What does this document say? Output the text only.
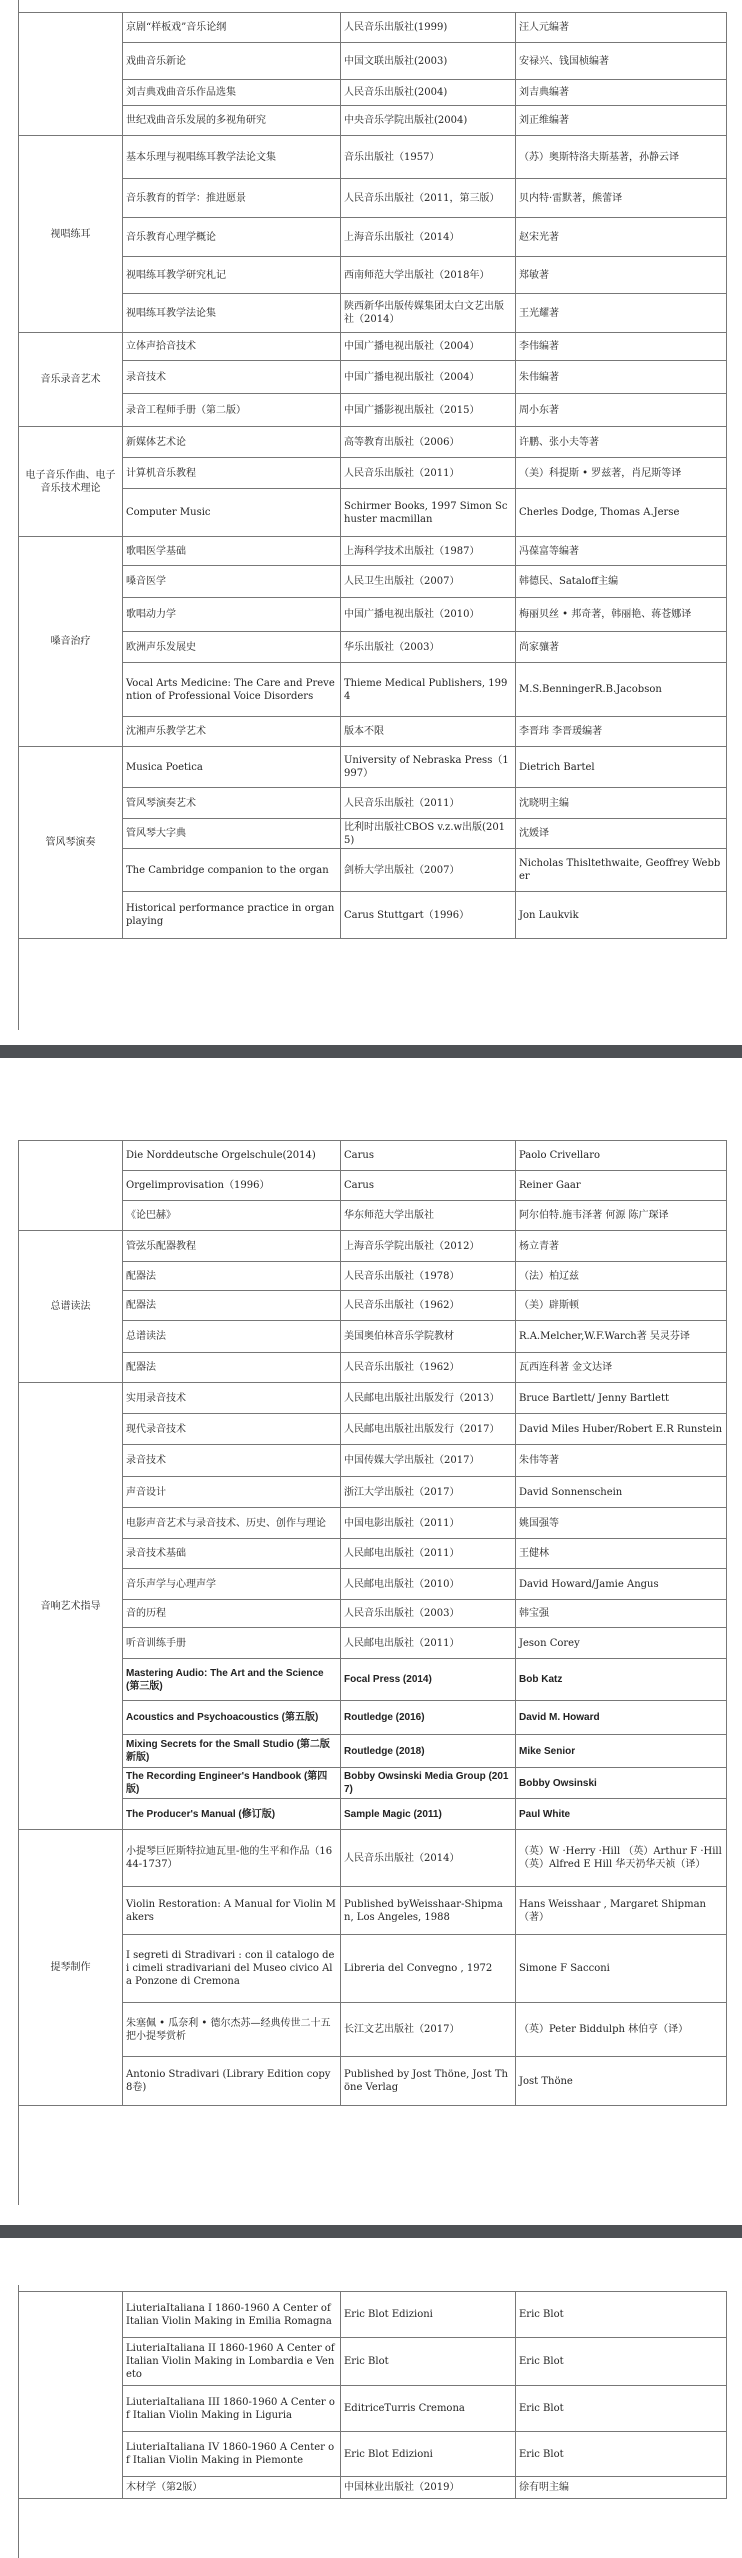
	京剧“样板戏”音乐论纲	人民音乐出版社(1999)	汪人元编著
	戏曲音乐新论	中国文联出版社(2003)	安禄兴、钱国桢编著
	刘吉典戏曲音乐作品选集	人民音乐出版社(2004)	刘吉典编著
	世纪戏曲音乐发展的多视角研究	中央音乐学院出版社(2004)	刘正维编著
视唱练耳	基本乐理与视唱练耳教学法论文集	音乐出版社（1957）	（苏）奥斯特洛夫斯基著，孙静云译
	音乐教育的哲学：推进愿景	人民音乐出版社（2011，第三版）	贝内特·雷默著，熊蕾译
	音乐教育心理学概论	上海音乐出版社（2014）	赵宋光著
	视唱练耳教学研究札记	西南师范大学出版社（2018年）	郑敏著
	视唱练耳教学法论集	陕西新华出版传媒集团太白文艺出版社（2014）	王光耀著
音乐录音艺术	立体声拾音技术	中国广播电视出版社（2004）	李伟编著
	录音技术	中国广播电视出版社（2004）	朱伟编著
	录音工程师手册（第二版）	中国广播影视出版社（2015）	周小东著
电子音乐作曲、电子音乐技术理论	新媒体艺术论	高等教育出版社（2006）	许鹏、张小夫等著
	计算机音乐教程	人民音乐出版社（2011）	（美）科提斯 • 罗兹著，肖尼斯等译
	Computer Music	Schirmer Books, 1997 Simon Schuster macmillan	Cherles Dodge, Thomas A.Jerse
嗓音治疗	歌唱医学基础	上海科学技术出版社（1987）	冯葆富等编著
	嗓音医学	人民卫生出版社（2007）	韩德民、Sataloff主编
	歌唱动力学	中国广播电视出版社（2010）	梅丽贝丝 • 邦奇著，韩丽艳、蒋苍娜译
	欧洲声乐发展史	华乐出版社（2003）	尚家骧著
	Vocal Arts Medicine: The Care and Prevention of Professional Voice Disorders	Thieme Medical Publishers, 1994	M.S.BenningerR.B.Jacobson
	沈湘声乐教学艺术	版本不限	李晋玮 李晋瑗编著
管风琴演奏	Musica Poetica	University of Nebraska Press（1997）	Dietrich Bartel
	管风琴演奏艺术	人民音乐出版社（2011）	沈晓明主编
	管风琴大字典	比利时出版社CBOS v.z.w出版(2015)	沈媛译
	The Cambridge companion to the organ	剑桥大学出版社（2007）	Nicholas Thisltethwaite, Geoffrey Webber
	Historical performance practice in organ playing	Carus Stuttgart（1996）	Jon Laukvik
	Die Norddeutsche Orgelschule(2014)	Carus	Paolo Crivellaro
	Orgelimprovisation（1996）	Carus	Reiner Gaar
	《论巴赫》	华东师范大学出版社	阿尔伯特.施韦泽著 何源 陈广琛译
总谱读法	管弦乐配器教程	上海音乐学院出版社（2012）	杨立青著
	配器法	人民音乐出版社（1978）	（法）柏辽兹
	配器法	人民音乐出版社（1962）	（美）辟斯顿
	总谱读法	美国奥伯林音乐学院教材	R.A.Melcher,W.F.Warch著 吴灵芬译
	配器法	人民音乐出版社（1962）	瓦西连科著 金文达译
音响艺术指导	实用录音技术	人民邮电出版社出版发行（2013）	Bruce Bartlett/ Jenny Bartlett
	现代录音技术	人民邮电出版社出版发行（2017）	David Miles Huber/Robert E.R Runstein
	录音技术	中国传媒大学出版社（2017）	朱伟等著
	声音设计	浙江大学出版社（2017）	David Sonnenschein
	电影声音艺术与录音技术、历史、创作与理论	中国电影出版社（2011）	姚国强等
	录音技术基础	人民邮电出版社（2011）	王健林
	音乐声学与心理声学	人民邮电出版社（2010）	David Howard/Jamie Angus
	音的历程	人民音乐出版社（2003）	韩宝强
	听音训练手册	人民邮电出版社（2011）	Jeson Corey
	Mastering Audio: The Art and the Science (第三版)	Focal Press (2014)	Bob Katz
	Acoustics and Psychoacoustics (第五版)	Routledge (2016)	David M. Howard
	Mixing Secrets for the Small Studio (第二版新版)	Routledge (2018)	Mike Senior
	The Recording Engineer's Handbook (第四版)	Bobby Owsinski Media Group (2017)	Bobby Owsinski
	The Producer's Manual (修订版)	Sample Magic (2011)	Paul White
提琴制作	小提琴巨匠斯特拉迪瓦里-他的生平和作品（1644-1737）	人民音乐出版社（2014）	（英）W ·Herry ·Hill （英）Arthur F ·Hill （英）Alfred E Hill 华天礽华天祯（译）
	Violin Restoration: A Manual for Violin Makers	Published byWeisshaar-Shipman, Los Angeles, 1988	Hans Weisshaar , Margaret Shipman （著）
	I segreti di Stradivari : con il catalogo dei cimeli stradivariani del Museo civico Ala Ponzone di Cremona	Libreria del Convegno , 1972	Simone F Sacconi
	朱塞佩 • 瓜奈利 • 德尔杰苏—经典传世二十五把小提琴赏析	长江文艺出版社（2017）	（英）Peter Biddulph 林伯亨（译）
	Antonio Stradivari (Library Edition copy 8卷)	Published by Jost Thöne, Jost Thöne Verlag	Jost Thöne
	LiuteriaItaliana I 1860-1960 A Center of Italian Violin Making in Emilia Romagna	Eric Blot Edizioni	Eric Blot
	LiuteriaItaliana II 1860-1960 A Center of Italian Violin Making in Lombardia e Veneto	Eric Blot	Eric Blot
	LiuteriaItaliana III 1860-1960 A Center of Italian Violin Making in Liguria	EditriceTurris Cremona	Eric Blot
	LiuteriaItaliana IV 1860-1960 A Center of Italian Violin Making in Piemonte	Eric Blot Edizioni	Eric Blot
	木材学（第2版）	中国林业出版社（2019）	徐有明主编
